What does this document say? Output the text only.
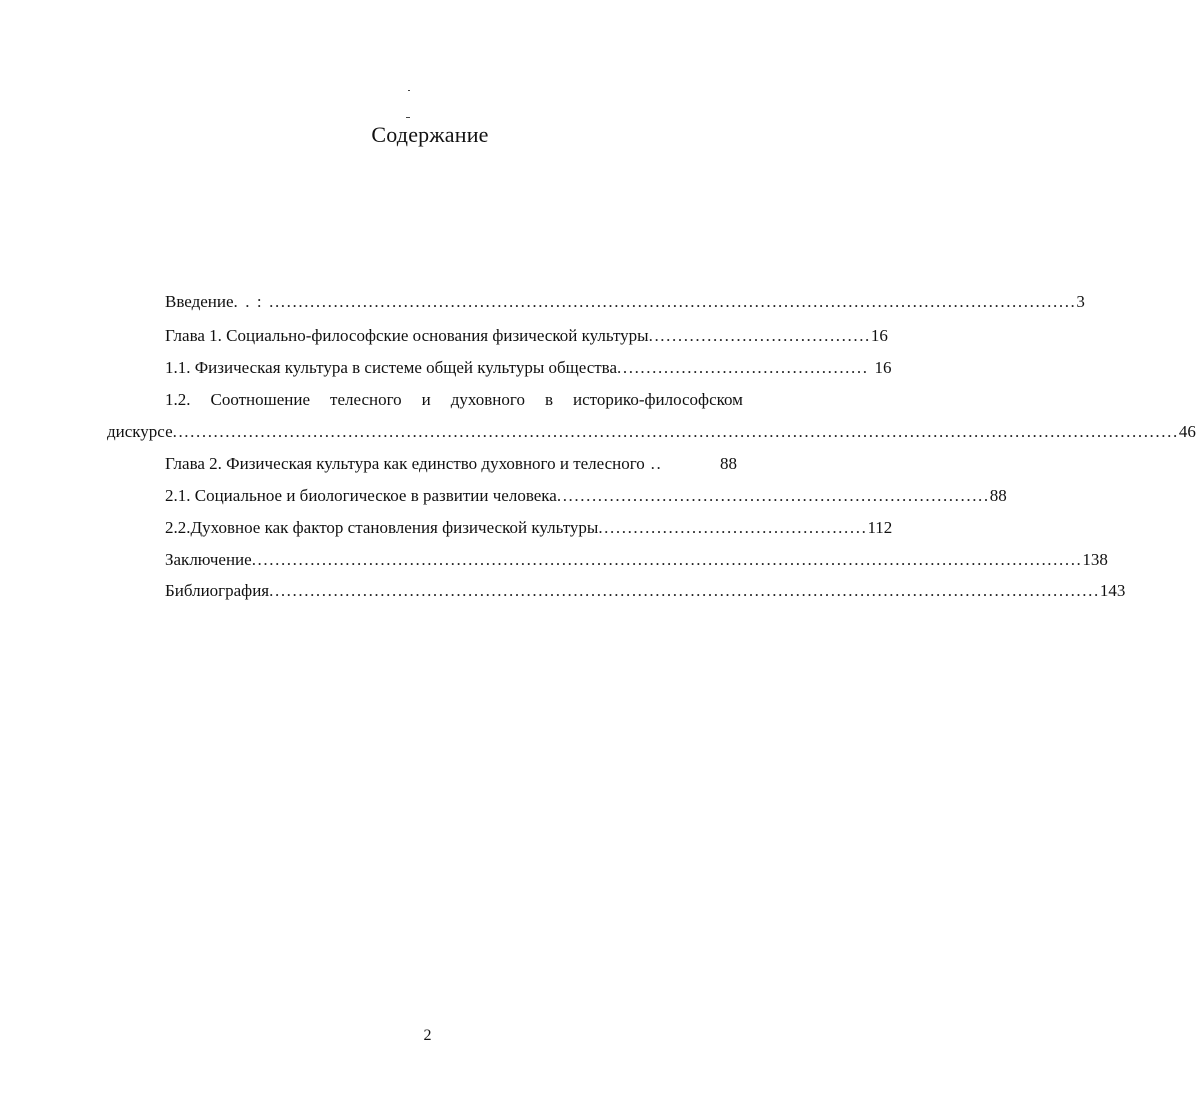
Содержание
Введение . . : .......................................................................................................................................... 3
Глава 1. Социально-философские основания физической культуры ...................................... 16
1.1. Физическая культура в системе общей культуры общества ........................................... 16
1.2. Соотношение телесного и духовного в историко-философском
дискурсе ............................................................................................................................................................................ 46
Глава 2. Физическая культура как единство духовного и телесного ..	88
2.1. Социальное и биологическое в развитии человека .......................................................................... 88
2.2.Духовное как фактор становления физической культуры .............................................. 112
Заключение .............................................................................................................................................. 138
Библиография .............................................................................................................................................. 143
2
